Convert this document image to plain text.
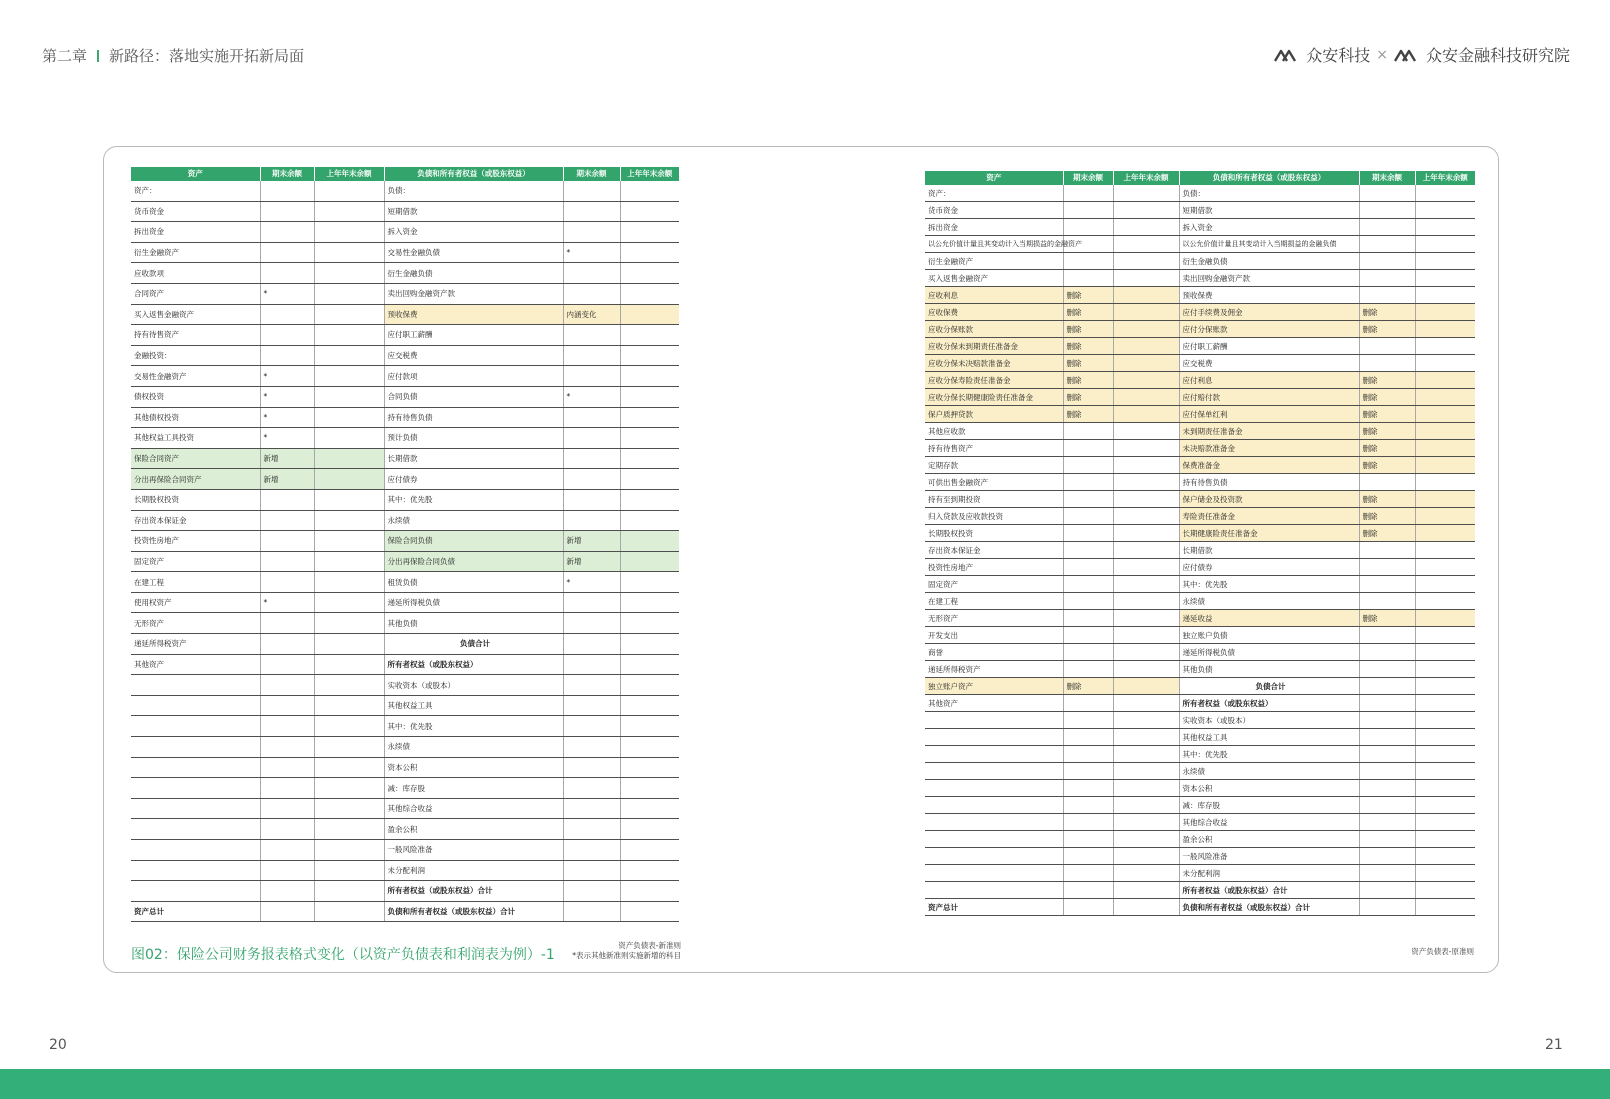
第二章 新路径：落地实施开拓新局面	众安科技 × 众安金融科技研究院
资产	期末余额	上年年末余额	负债和所有者权益（或股东权益）	期末余额	上年年末余额
资产：			负债：		
货币资金			短期借款		
拆出资金			拆入资金		
衍生金融资产			交易性金融负债	*	
应收款项			衍生金融负债		
合同资产	*		卖出回购金融资产款		
买入返售金融资产			预收保费	内涵变化	
持有待售资产			应付职工薪酬		
金融投资：			应交税费		
交易性金融资产	*		应付款项		
债权投资	*		合同负债	*	
其他债权投资	*		持有待售负债		
其他权益工具投资	*		预计负债		
保险合同资产	新增		长期借款		
分出再保险合同资产	新增		应付债券		
长期股权投资			其中：优先股		
存出资本保证金			永续债		
投资性房地产			保险合同负债	新增	
固定资产			分出再保险合同负债	新增	
在建工程			租赁负债	*	
使用权资产	*		递延所得税负债		
无形资产			其他负债		
递延所得税资产			负债合计		
其他资产			所有者权益（或股东权益）		
			实收资本（或股本）		
			其他权益工具		
			其中：优先股		
			永续债		
			资本公积		
			减：库存股		
			其他综合收益		
			盈余公积		
			一般风险准备		
			未分配利润		
			所有者权益（或股东权益）合计		
资产总计			负债和所有者权益（或股东权益）合计		
资产	期末余额	上年年末余额	负债和所有者权益（或股东权益）	期末余额	上年年末余额
资产：			负债：		
货币资金			短期借款		
拆出资金			拆入资金		
以公允价值计量且其变动计入当期损益的金融资产			以公允价值计量且其变动计入当期损益的金融负债		
衍生金融资产			衍生金融负债		
买入返售金融资产			卖出回购金融资产款		
应收利息	删除		预收保费		
应收保费	删除		应付手续费及佣金	删除	
应收分保账款	删除		应付分保账款	删除	
应收分保未到期责任准备金	删除		应付职工薪酬		
应收分保未决赔款准备金	删除		应交税费		
应收分保寿险责任准备金	删除		应付利息	删除	
应收分保长期健康险责任准备金	删除		应付赔付款	删除	
保户质押贷款	删除		应付保单红利	删除	
其他应收款			未到期责任准备金	删除	
持有待售资产			未决赔款准备金	删除	
定期存款			保费准备金	删除	
可供出售金融资产			持有待售负债		
持有至到期投资			保户储金及投资款	删除	
归入贷款及应收款投资			寿险责任准备金	删除	
长期股权投资			长期健康险责任准备金	删除	
存出资本保证金			长期借款		
投资性房地产			应付债券		
固定资产			其中：优先股		
在建工程			永续债		
无形资产			递延收益	删除	
开发支出			独立账户负债		
商誉			递延所得税负债		
递延所得税资产			其他负债		
独立账户资产	删除		负债合计		
其他资产			所有者权益（或股东权益）		
			实收资本（或股本）		
			其他权益工具		
			其中：优先股		
			永续债		
			资本公积		
			减：库存股		
			其他综合收益		
			盈余公积		
			一般风险准备		
			未分配利润		
			所有者权益（或股东权益）合计		
资产总计			负债和所有者权益（或股东权益）合计		
图02：保险公司财务报表格式变化（以资产负债表和利润表为例）-1
资产负债表-新准则
*表示其他新准则实施新增的科目	资产负债表-原准则
20	21
